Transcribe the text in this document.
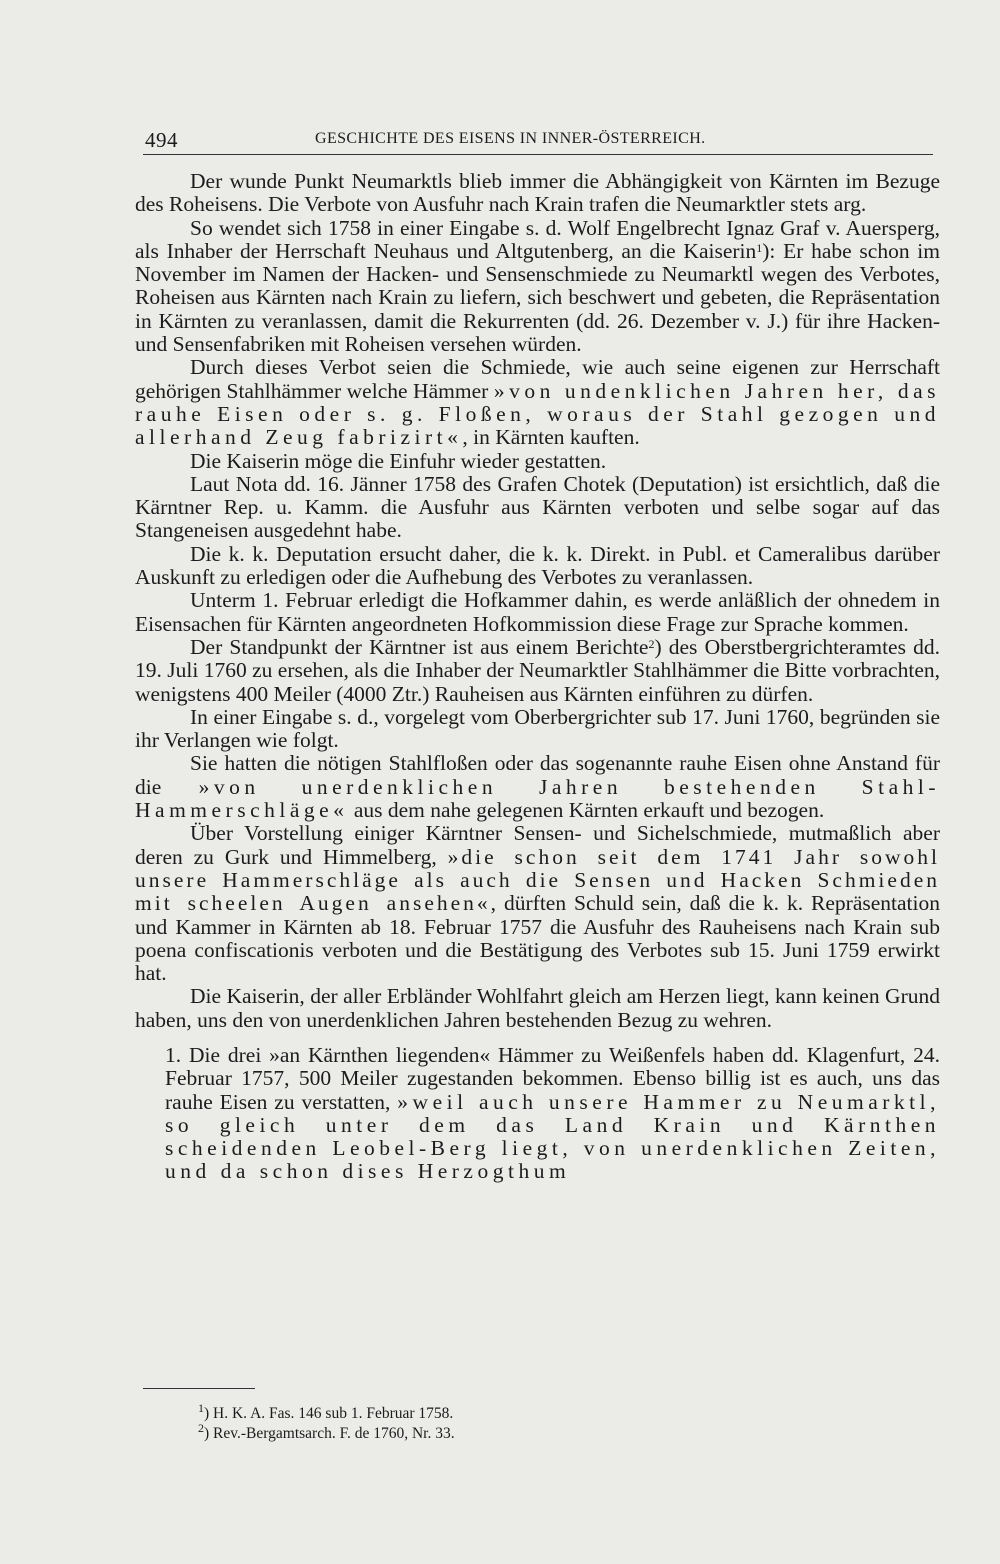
494	GESCHICHTE DES EISENS IN INNER-ÖSTERREICH.

Der wunde Punkt Neumarktls blieb immer die Abhängigkeit von Kärnten im Bezuge des Roheisens. Die Verbote von Ausfuhr nach Krain trafen die Neumarktler stets arg.

So wendet sich 1758 in einer Eingabe s. d. Wolf Engelbrecht Ignaz Graf v. Auersperg, als Inhaber der Herrschaft Neuhaus und Altgutenberg, an die Kaiserin$^1$): Er habe schon im November im Namen der Hacken- und Sensenschmiede zu Neumarktl wegen des Verbotes, Roheisen aus Kärnten nach Krain zu liefern, sich beschwert und gebeten, die Repräsentation in Kärnten zu veranlassen, damit die Rekurrenten (dd. 26. Dezember v. J.) für ihre Hacken- und Sensenfabriken mit Roheisen versehen würden.

Durch dieses Verbot seien die Schmiede, wie auch seine eigenen zur Herrschaft gehörigen Stahlhämmer welche Hämmer »von undenklichen Jahren her, das rauhe Eisen oder s. g. Floßen, woraus der Stahl gezogen und allerhand Zeug fabrizirt«, in Kärnten kauften.

Die Kaiserin möge die Einfuhr wieder gestatten.

Laut Nota dd. 16. Jänner 1758 des Grafen Chotek (Deputation) ist ersichtlich, daß die Kärntner Rep. u. Kamm. die Ausfuhr aus Kärnten verboten und selbe sogar auf das Stangeneisen ausgedehnt habe.

Die k. k. Deputation ersucht daher, die k. k. Direkt. in Publ. et Cameralibus darüber Auskunft zu erledigen oder die Aufhebung des Verbotes zu veranlassen.

Unterm 1. Februar erledigt die Hofkammer dahin, es werde anläßlich der ohnedem in Eisensachen für Kärnten angeordneten Hofkommission diese Frage zur Sprache kommen.

Der Standpunkt der Kärntner ist aus einem Berichte$^2$) des Oberstbergrichteramtes dd. 19. Juli 1760 zu ersehen, als die Inhaber der Neumarktler Stahlhämmer die Bitte vorbrachten, wenigstens 400 Meiler (4000 Ztr.) Rauheisen aus Kärnten einführen zu dürfen.

In einer Eingabe s. d., vorgelegt vom Oberbergrichter sub 17. Juni 1760, begründen sie ihr Verlangen wie folgt.

Sie hatten die nötigen Stahlfloßen oder das sogenannte rauhe Eisen ohne Anstand für die »von unerdenklichen Jahren bestehenden Stahl-Hammerschläge« aus dem nahe gelegenen Kärnten erkauft und bezogen.

Über Vorstellung einiger Kärntner Sensen- und Sichelschmiede, mutmaßlich aber deren zu Gurk und Himmelberg, »die schon seit dem 1741 Jahr sowohl unsere Hammerschläge als auch die Sensen und Hacken Schmieden mit scheelen Augen ansehen«, dürften Schuld sein, daß die k. k. Repräsentation und Kammer in Kärnten ab 18. Februar 1757 die Ausfuhr des Rauheisens nach Krain sub poena confiscationis verboten und die Bestätigung des Verbotes sub 15. Juni 1759 erwirkt hat.

Die Kaiserin, der aller Erbländer Wohlfahrt gleich am Herzen liegt, kann keinen Grund haben, uns den von unerdenklichen Jahren bestehenden Bezug zu wehren.

1. Die drei »an Kärnthen liegenden« Hämmer zu Weißenfels haben dd. Klagenfurt, 24. Februar 1757, 500 Meiler zugestanden bekommen. Ebenso billig ist es auch, uns das rauhe Eisen zu verstatten, »weil auch unsere Hammer zu Neumarktl, so gleich unter dem das Land Krain und Kärnthen scheidenden Leobel-Berg liegt, von unerdenklichen Zeiten, und da schon dises Herzogthum

$^1$) H. K. A. Fas. 146 sub 1. Februar 1758.
$^2$) Rev.-Bergamtsarch. F. de 1760, Nr. 33.
